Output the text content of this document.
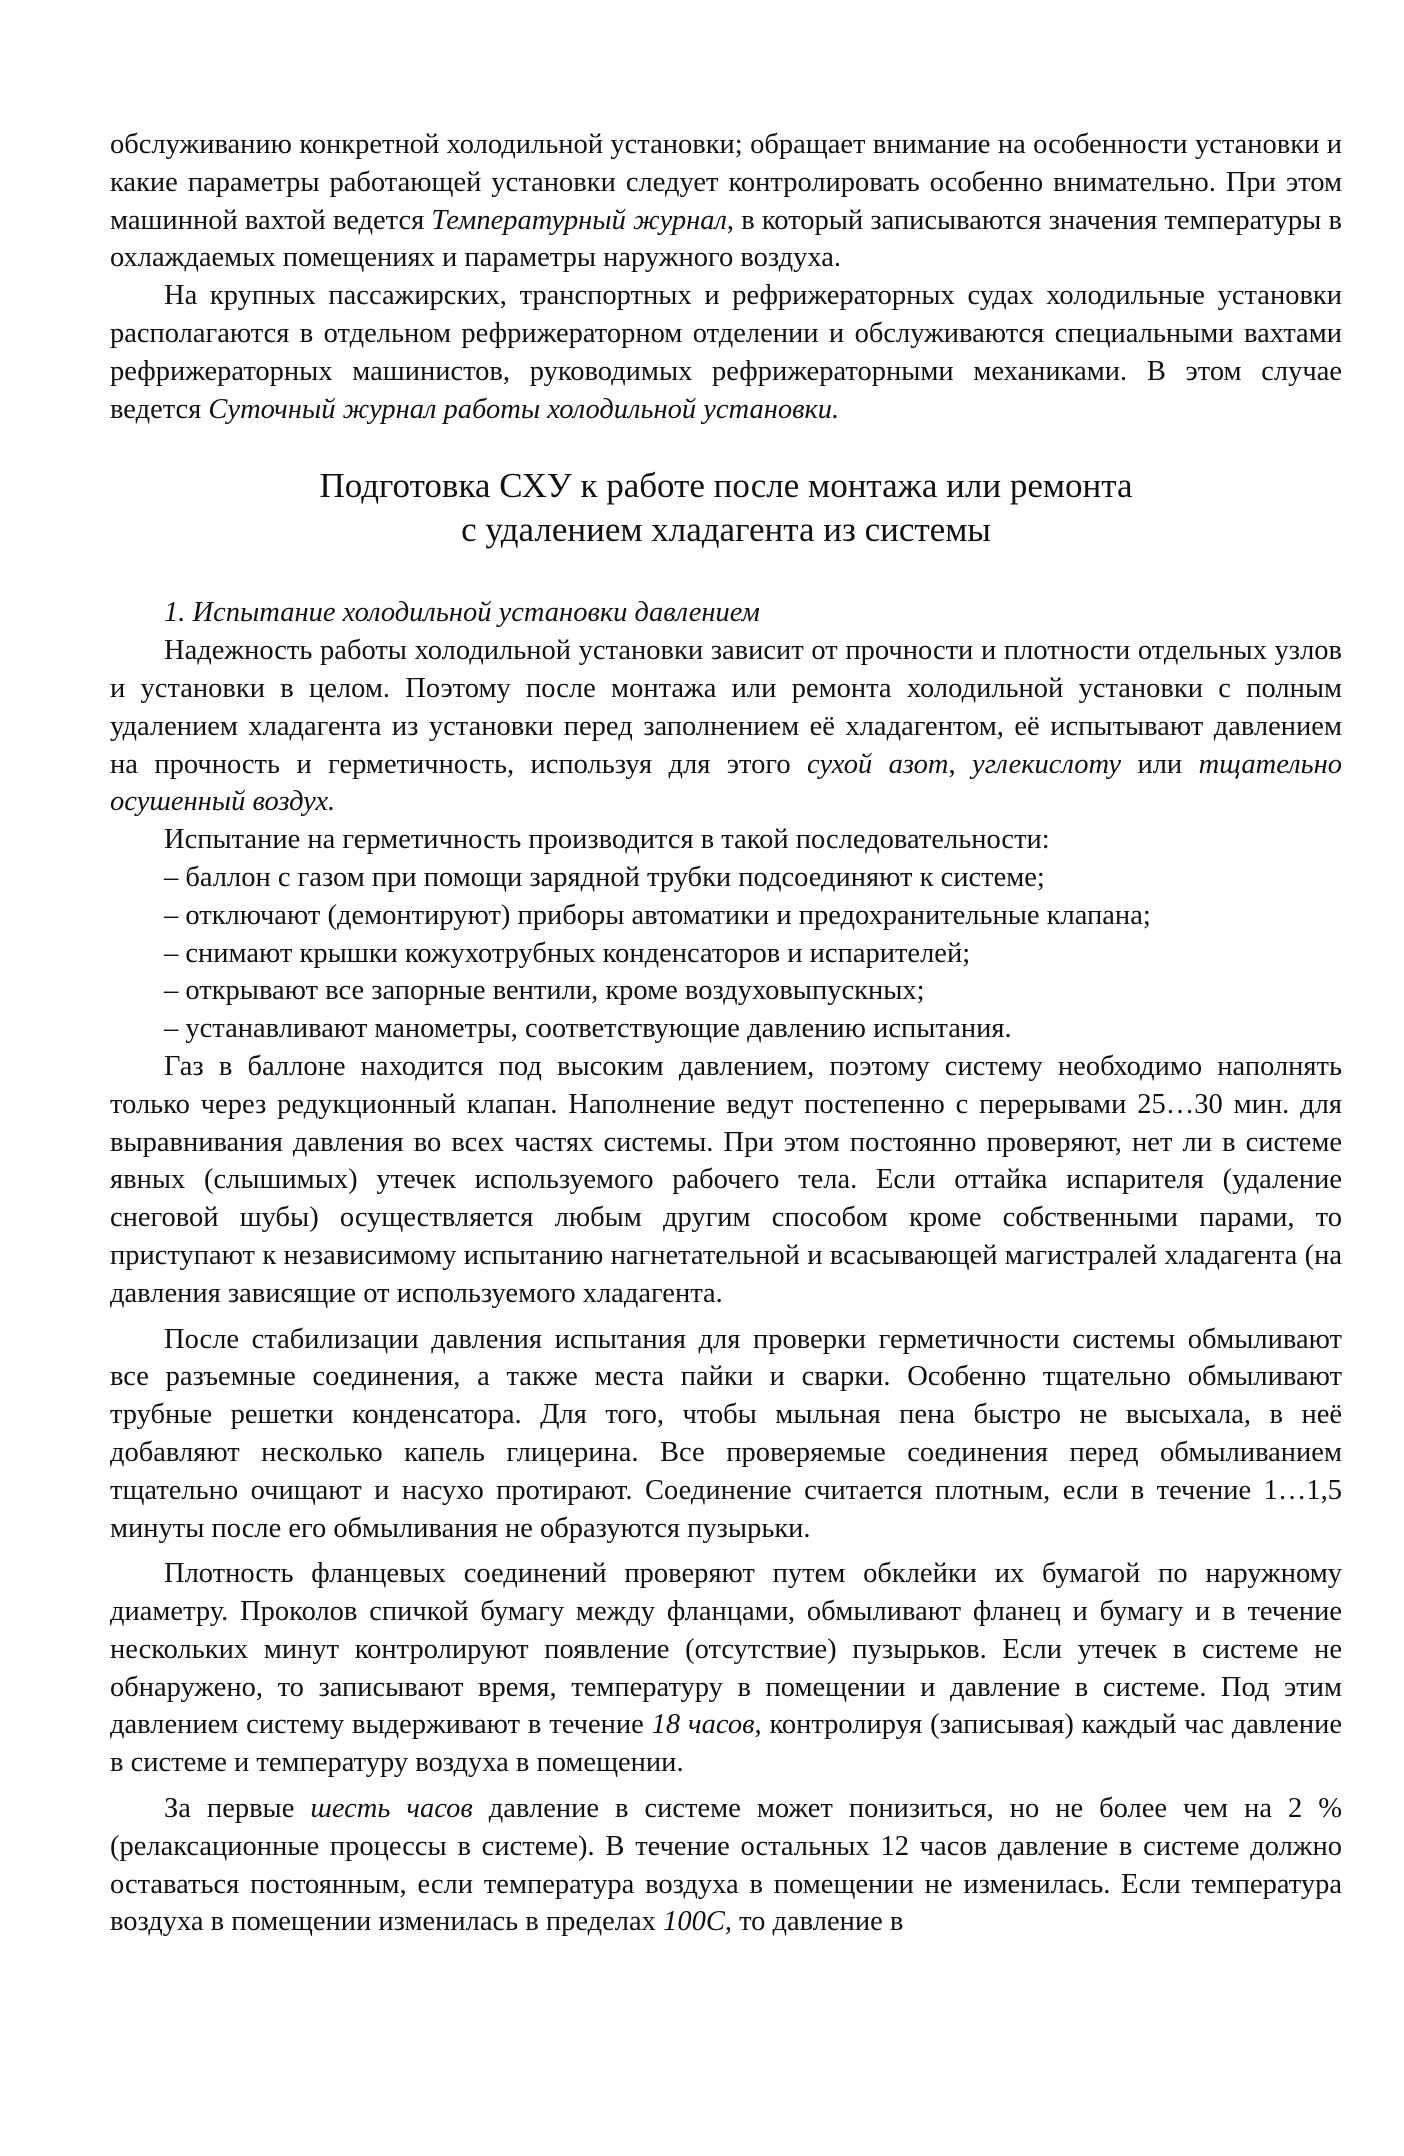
обслуживанию конкретной холодильной установки; обращает внимание на особенности установки и какие параметры работающей установки следует контролировать особенно внимательно. При этом машинной вахтой ведется Температурный журнал, в который записываются значения температуры в охлаждаемых помещениях и параметры наружного воздуха.

На крупных пассажирских, транспортных и рефрижераторных судах холодильные установки располагаются в отдельном рефрижераторном отделении и обслуживаются специальными вахтами рефрижераторных машинистов, руководимых рефрижераторными механиками. В этом случае ведется Суточный журнал работы холодильной установки.

Подготовка СХУ к работе после монтажа или ремонта
с удалением хладагента из системы

1. Испытание холодильной установки давлением

Надежность работы холодильной установки зависит от прочности и плотности отдельных узлов и установки в целом. Поэтому после монтажа или ремонта холодильной установки с полным удалением хладагента из установки перед заполнением её хладагентом, её испытывают давлением на прочность и герметичность, используя для этого сухой азот, углекислоту или тщательно осушенный воздух.

Испытание на герметичность производится в такой последовательности:

– баллон с газом при помощи зарядной трубки подсоединяют к системе;

– отключают (демонтируют) приборы автоматики и предохранительные клапана;

– снимают крышки кожухотрубных конденсаторов и испарителей;

– открывают все запорные вентили, кроме воздуховыпускных;

– устанавливают манометры, соответствующие давлению испытания.

Газ в баллоне находится под высоким давлением, поэтому систему необходимо наполнять только через редукционный клапан. Наполнение ведут постепенно с перерывами 25…30 мин. для выравнивания давления во всех частях системы. При этом постоянно проверяют, нет ли в системе явных (слышимых) утечек используемого рабочего тела. Если оттайка испарителя (удаление снеговой шубы) осуществляется любым другим способом кроме собственными парами, то приступают к независимому испытанию нагнетательной и всасывающей магистралей хладагента (на давления зависящие от используемого хладагента.

После стабилизации давления испытания для проверки герметичности системы обмыливают все разъемные соединения, а также места пайки и сварки. Особенно тщательно обмыливают трубные решетки конденсатора. Для того, чтобы мыльная пена быстро не высыхала, в неё добавляют несколько капель глицерина. Все проверяемые соединения перед обмыливанием тщательно очищают и насухо протирают. Соединение считается плотным, если в течение 1…1,5 минуты после его обмыливания не образуются пузырьки.

Плотность фланцевых соединений проверяют путем обклейки их бумагой по наружному диаметру. Проколов спичкой бумагу между фланцами, обмыливают фланец и бумагу и в течение нескольких минут контролируют появление (отсутствие) пузырьков. Если утечек в системе не обнаружено, то записывают время, температуру в помещении и давление в системе. Под этим давлением систему выдерживают в течение 18 часов, контролируя (записывая) каждый час давление в системе и температуру воздуха в помещении.

За первые шесть часов давление в системе может понизиться, но не более чем на 2 % (релаксационные процессы в системе). В течение остальных 12 часов давление в системе должно оставаться постоянным, если температура воздуха в помещении не изменилась. Если температура воздуха в помещении изменилась в пределах 100С, то давление в
